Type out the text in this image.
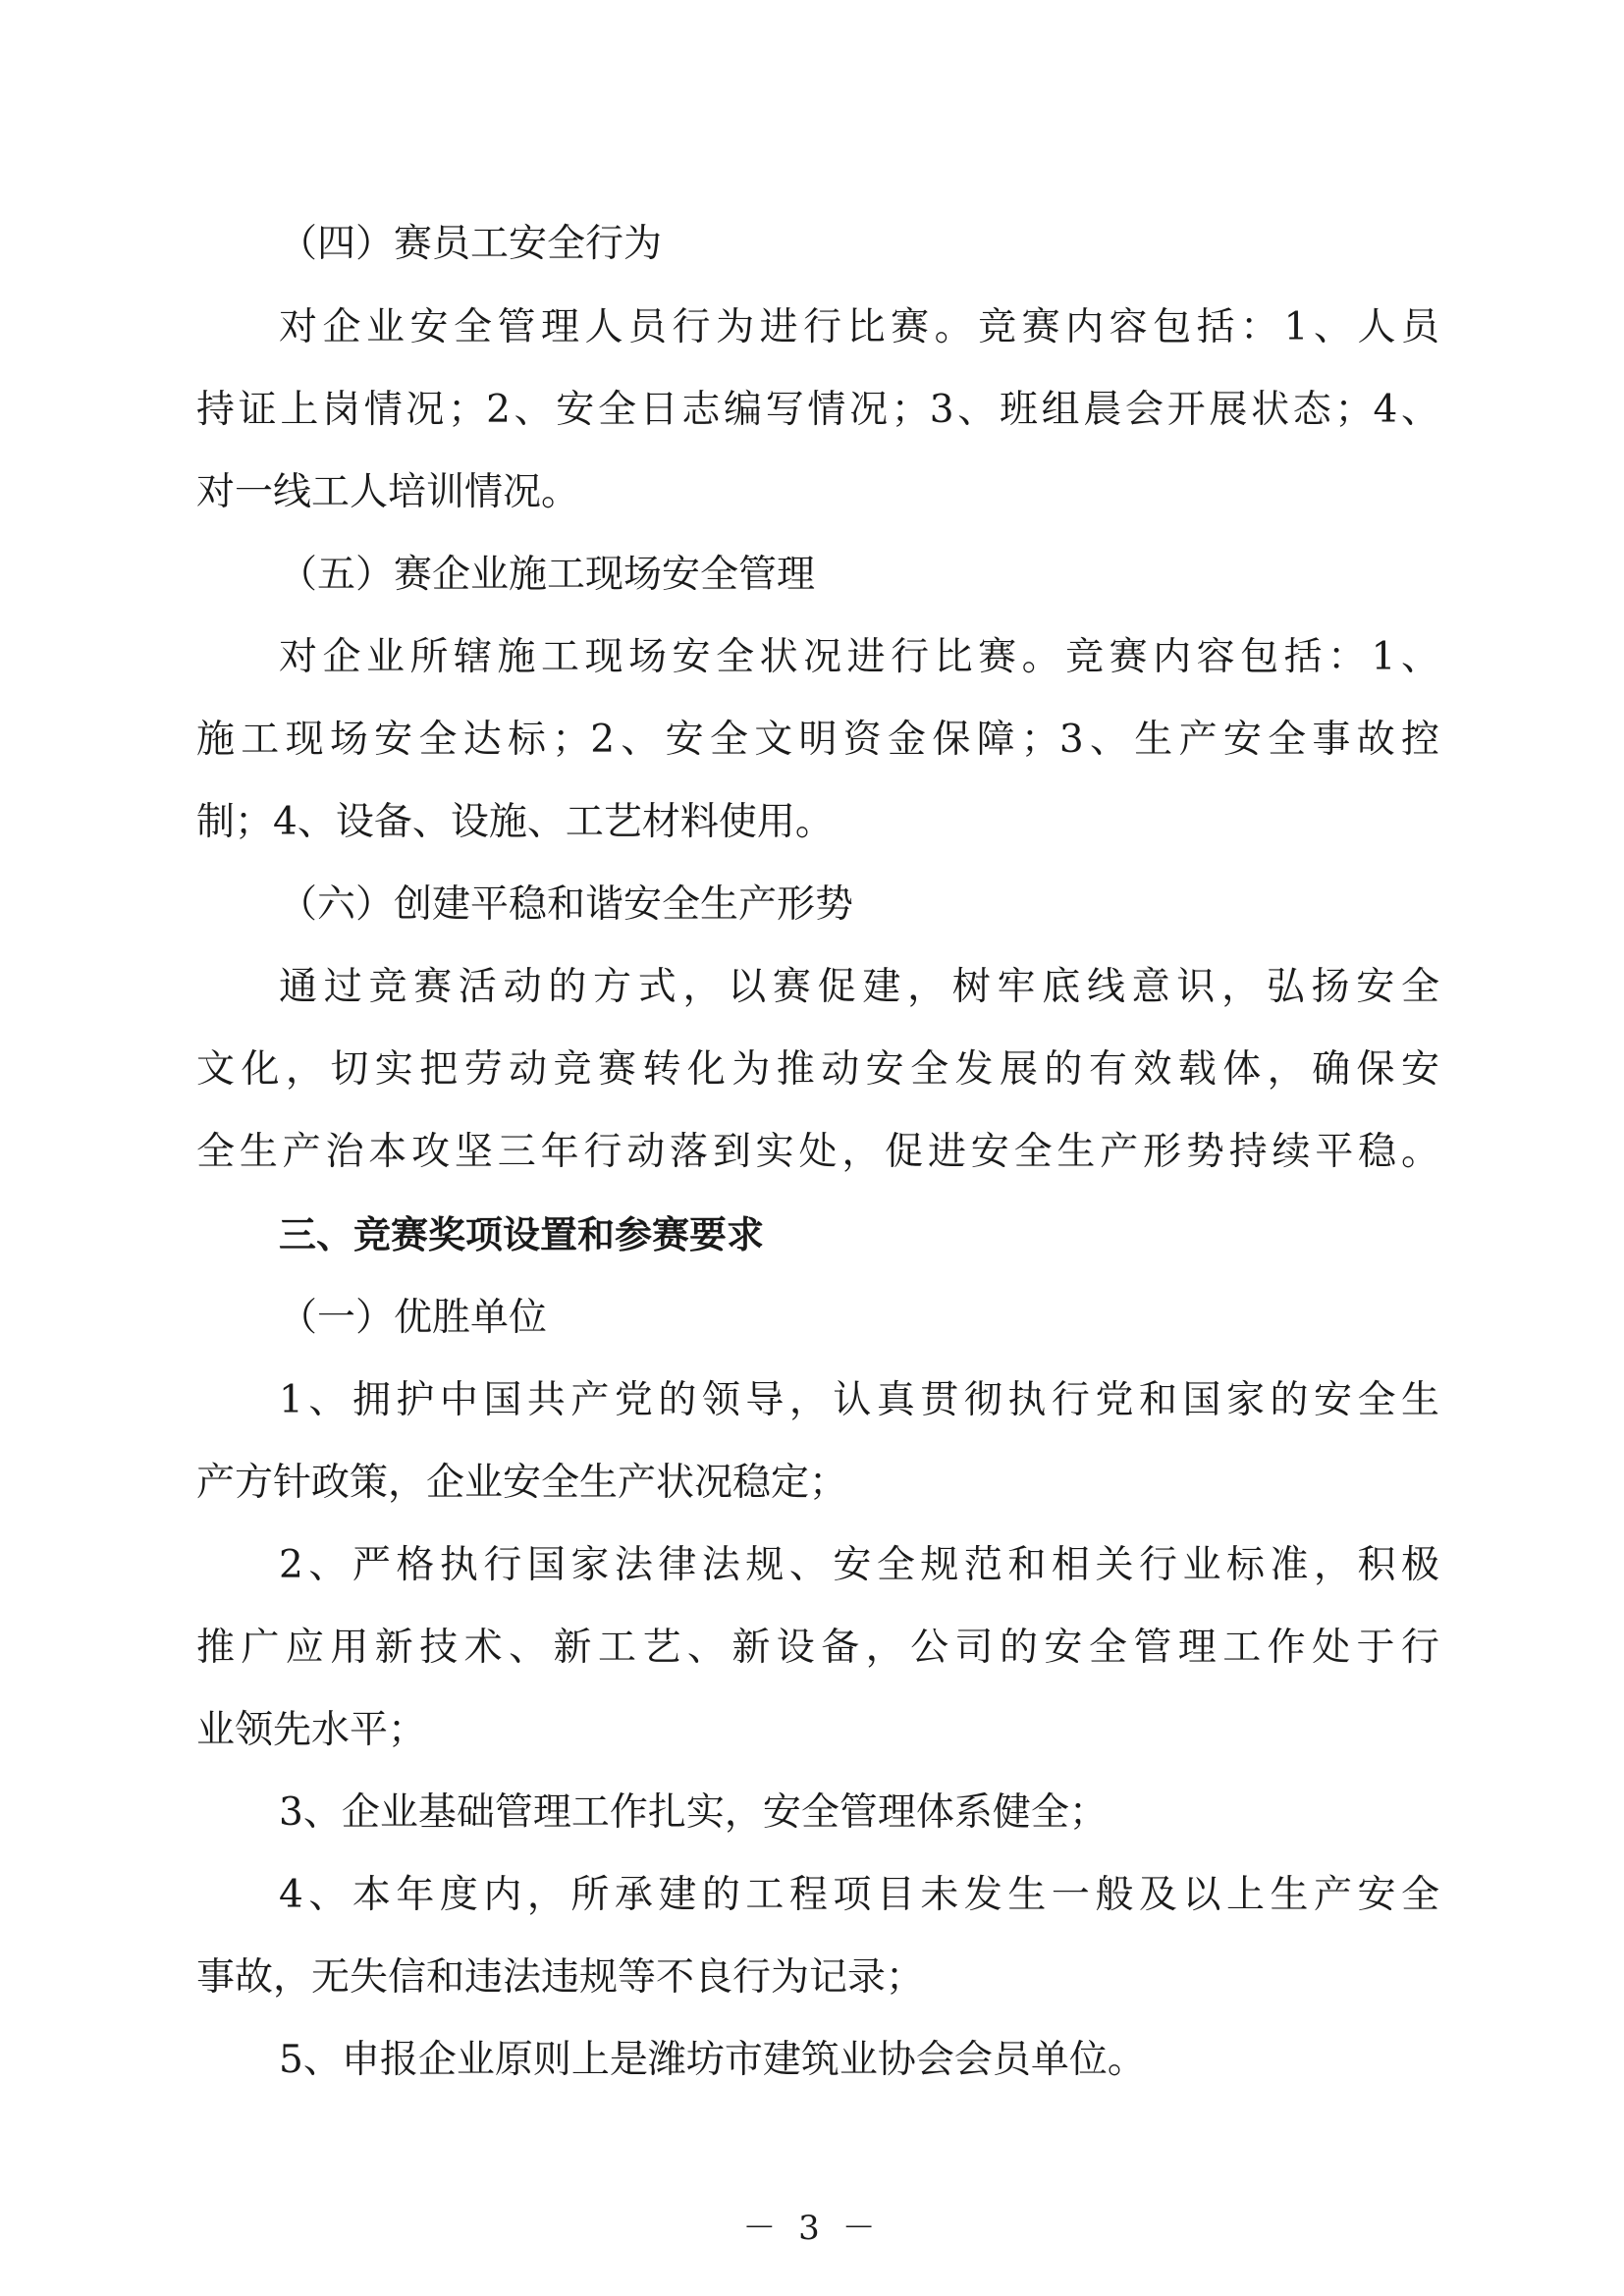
（四）赛员工安全行为

对企业安全管理人员行为进行比赛。竞赛内容包括：1、人员

持证上岗情况；2、安全日志编写情况；3、班组晨会开展状态；4、

对一线工人培训情况。

（五）赛企业施工现场安全管理

对企业所辖施工现场安全状况进行比赛。竞赛内容包括：1、

施工现场安全达标；2、安全文明资金保障；3、生产安全事故控

制；4、设备、设施、工艺材料使用。

（六）创建平稳和谐安全生产形势

通过竞赛活动的方式，以赛促建，树牢底线意识，弘扬安全

文化，切实把劳动竞赛转化为推动安全发展的有效载体，确保安

全生产治本攻坚三年行动落到实处，促进安全生产形势持续平稳。

三、竞赛奖项设置和参赛要求

（一）优胜单位

1、拥护中国共产党的领导，认真贯彻执行党和国家的安全生

产方针政策，企业安全生产状况稳定；

2、严格执行国家法律法规、安全规范和相关行业标准，积极

推广应用新技术、新工艺、新设备，公司的安全管理工作处于行

业领先水平；

3、企业基础管理工作扎实，安全管理体系健全；

4、本年度内，所承建的工程项目未发生一般及以上生产安全

事故，无失信和违法违规等不良行为记录；

5、申报企业原则上是潍坊市建筑业协会会员单位。

－ 3 －
